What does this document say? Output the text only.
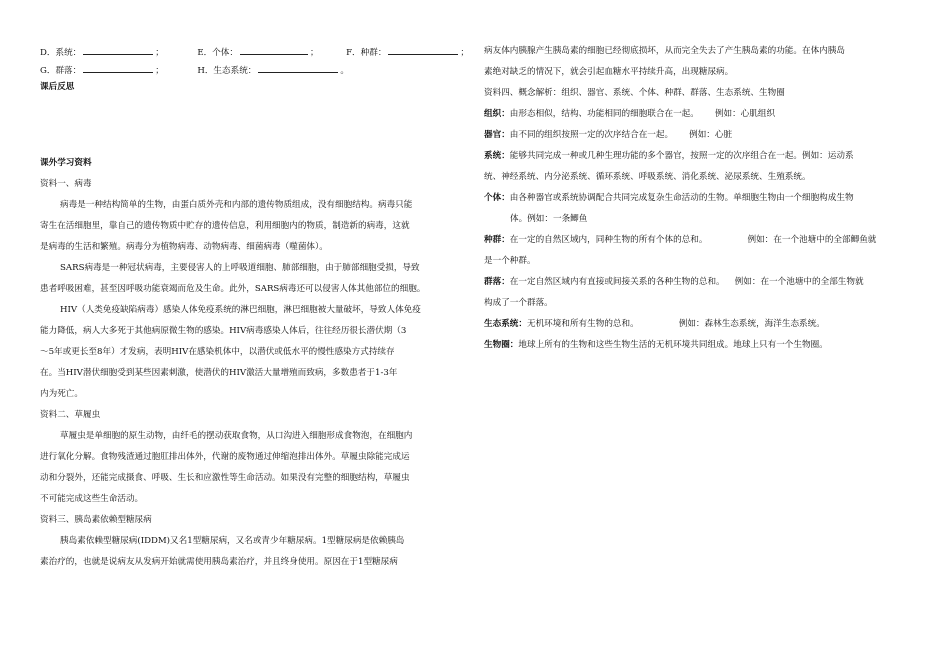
D．系统：	；	E．个体：	；	F．种群：	；
G．群落：	；	H．生态系统：	。
课后反思
课外学习资料
资料一、病毒
病毒是一种结构简单的生物，由蛋白质外壳和内部的遗传物质组成，没有细胞结构。病毒只能
寄生在活细胞里，靠自己的遗传物质中贮存的遗传信息，利用细胞内的物质，制造新的病毒，这就
是病毒的生活和繁殖。病毒分为植物病毒、动物病毒、细菌病毒（噬菌体）。
SARS病毒是一种冠状病毒，主要侵害人的上呼吸道细胞、肺部细胞，由于肺部细胞受损，导致
患者呼吸困难，甚至因呼吸功能衰竭而危及生命。此外，SARS病毒还可以侵害人体其他部位的细胞。
HIV（人类免疫缺陷病毒）感染人体免疫系统的淋巴细胞，淋巴细胞被大量破坏，导致人体免疫
能力降低，病人大多死于其他病原微生物的感染。HIV病毒感染人体后，往往经历很长潜伏期（3
～5年或更长至8年）才发病，表明HIV在感染机体中，以潜伏或低水平的慢性感染方式持续存
在。当HIV潜伏细胞受到某些因素刺激，使潜伏的HIV激活大量增殖而致病，多数患者于1-3年
内为死亡。
资料二、草履虫
草履虫是单细胞的原生动物，由纤毛的摆动获取食物，从口沟进入细胞形成食物泡，在细胞内
进行氧化分解。食物残渣通过胞肛排出体外，代谢的废物通过伸缩泡排出体外。草履虫除能完成运
动和分裂外，还能完成摄食、呼吸、生长和应激性等生命活动。如果没有完整的细胞结构，草履虫
不可能完成这些生命活动。
资料三、胰岛素依赖型糖尿病
胰岛素依赖型糖尿病(IDDM)又名1型糖尿病，又名或青少年糖尿病。1型糖尿病是依赖胰岛
素治疗的，也就是说病友从发病开始就需使用胰岛素治疗，并且终身使用。原因在于1型糖尿病
病友体内胰腺产生胰岛素的细胞已经彻底损坏，从而完全失去了产生胰岛素的功能。在体内胰岛
素绝对缺乏的情况下，就会引起血糖水平持续升高，出现糖尿病。
资料四、概念解析：组织、器官、系统、个体、种群、群落、生态系统、生物圈
组织：由形态相似，结构、功能相同的细胞联合在一起。 例如：心肌组织
器官：由不同的组织按照一定的次序结合在一起。 例如：心脏
系统：能够共同完成一种或几种生理功能的多个器官，按照一定的次序组合在一起。例如：运动系
统、神经系统、内分泌系统、循环系统、呼吸系统、消化系统、泌尿系统、生殖系统。
个体：由各种器官或系统协调配合共同完成复杂生命活动的生物。单细胞生物由一个细胞构成生物
体。例如：一条鲫鱼
种群：在一定的自然区域内，同种生物的所有个体的总和。	例如：在一个池塘中的全部鲫鱼就
是一个种群。
群落：在一定自然区域内有直接或间接关系的各种生物的总和。 例如：在一个池塘中的全部生物就
构成了一个群落。
生态系统：无机环境和所有生物的总和。	例如：森林生态系统，海洋生态系统。
生物圈：地球上所有的生物和这些生物生活的无机环境共同组成。地球上只有一个生物圈。
